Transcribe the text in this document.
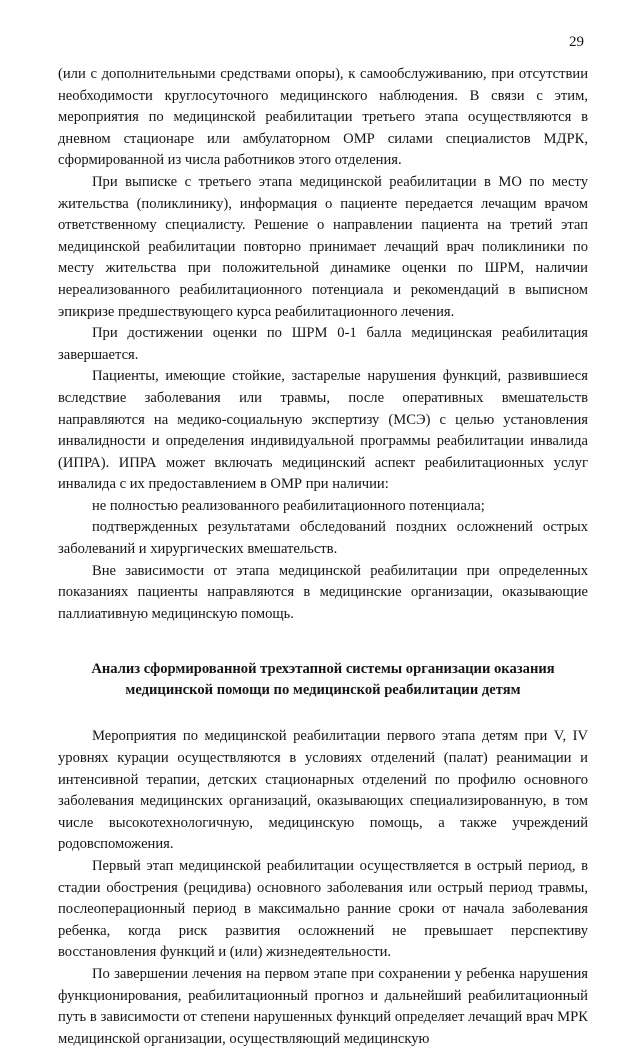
29

(или с дополнительными средствами опоры), к самообслуживанию, при отсутствии необходимости круглосуточного медицинского наблюдения. В связи с этим, мероприятия по медицинской реабилитации третьего этапа осуществляются в дневном стационаре или амбулаторном ОМР силами специалистов МДРК, сформированной из числа работников этого отделения.

При выписке с третьего этапа медицинской реабилитации в МО по месту жительства (поликлинику), информация о пациенте передается лечащим врачом ответственному специалисту. Решение о направлении пациента на третий этап медицинской реабилитации повторно принимает лечащий врач поликлиники по месту жительства при положительной динамике оценки по ШРМ, наличии нереализованного реабилитационного потенциала и рекомендаций в выписном эпикризе предшествующего курса реабилитационного лечения.

При достижении оценки по ШРМ 0-1 балла медицинская реабилитация завершается.

Пациенты, имеющие стойкие, застарелые нарушения функций, развившиеся вследствие заболевания или травмы, после оперативных вмешательств направляются на медико-социальную экспертизу (МСЭ) с целью установления инвалидности и определения индивидуальной программы реабилитации инвалида (ИПРА). ИПРА может включать медицинский аспект реабилитационных услуг инвалида с их предоставлением в ОМР при наличии:

не полностью реализованного реабилитационного потенциала;

подтвержденных результатами обследований поздних осложнений острых заболеваний и хирургических вмешательств.

Вне зависимости от этапа медицинской реабилитации при определенных показаниях пациенты направляются в медицинские организации, оказывающие паллиативную медицинскую помощь.

Анализ сформированной трехэтапной системы организации оказания
медицинской помощи по медицинской реабилитации детям

Мероприятия по медицинской реабилитации первого этапа детям при V, IV уровнях курации осуществляются в условиях отделений (палат) реанимации и интенсивной терапии, детских стационарных отделений по профилю основного заболевания медицинских организаций, оказывающих специализированную, в том числе высокотехнологичную, медицинскую помощь, а также учреждений родовспоможения.

Первый этап медицинской реабилитации осуществляется в острый период, в стадии обострения (рецидива) основного заболевания или острый период травмы, послеоперационный период в максимально ранние сроки от начала заболевания ребенка, когда риск развития осложнений не превышает перспективу восстановления функций и (или) жизнедеятельности.

По завершении лечения на первом этапе при сохранении у ребенка нарушения функционирования, реабилитационный прогноз и дальнейший реабилитационный путь в зависимости от степени нарушенных функций определяет лечащий врач МРК медицинской организации, осуществляющий медицинскую
